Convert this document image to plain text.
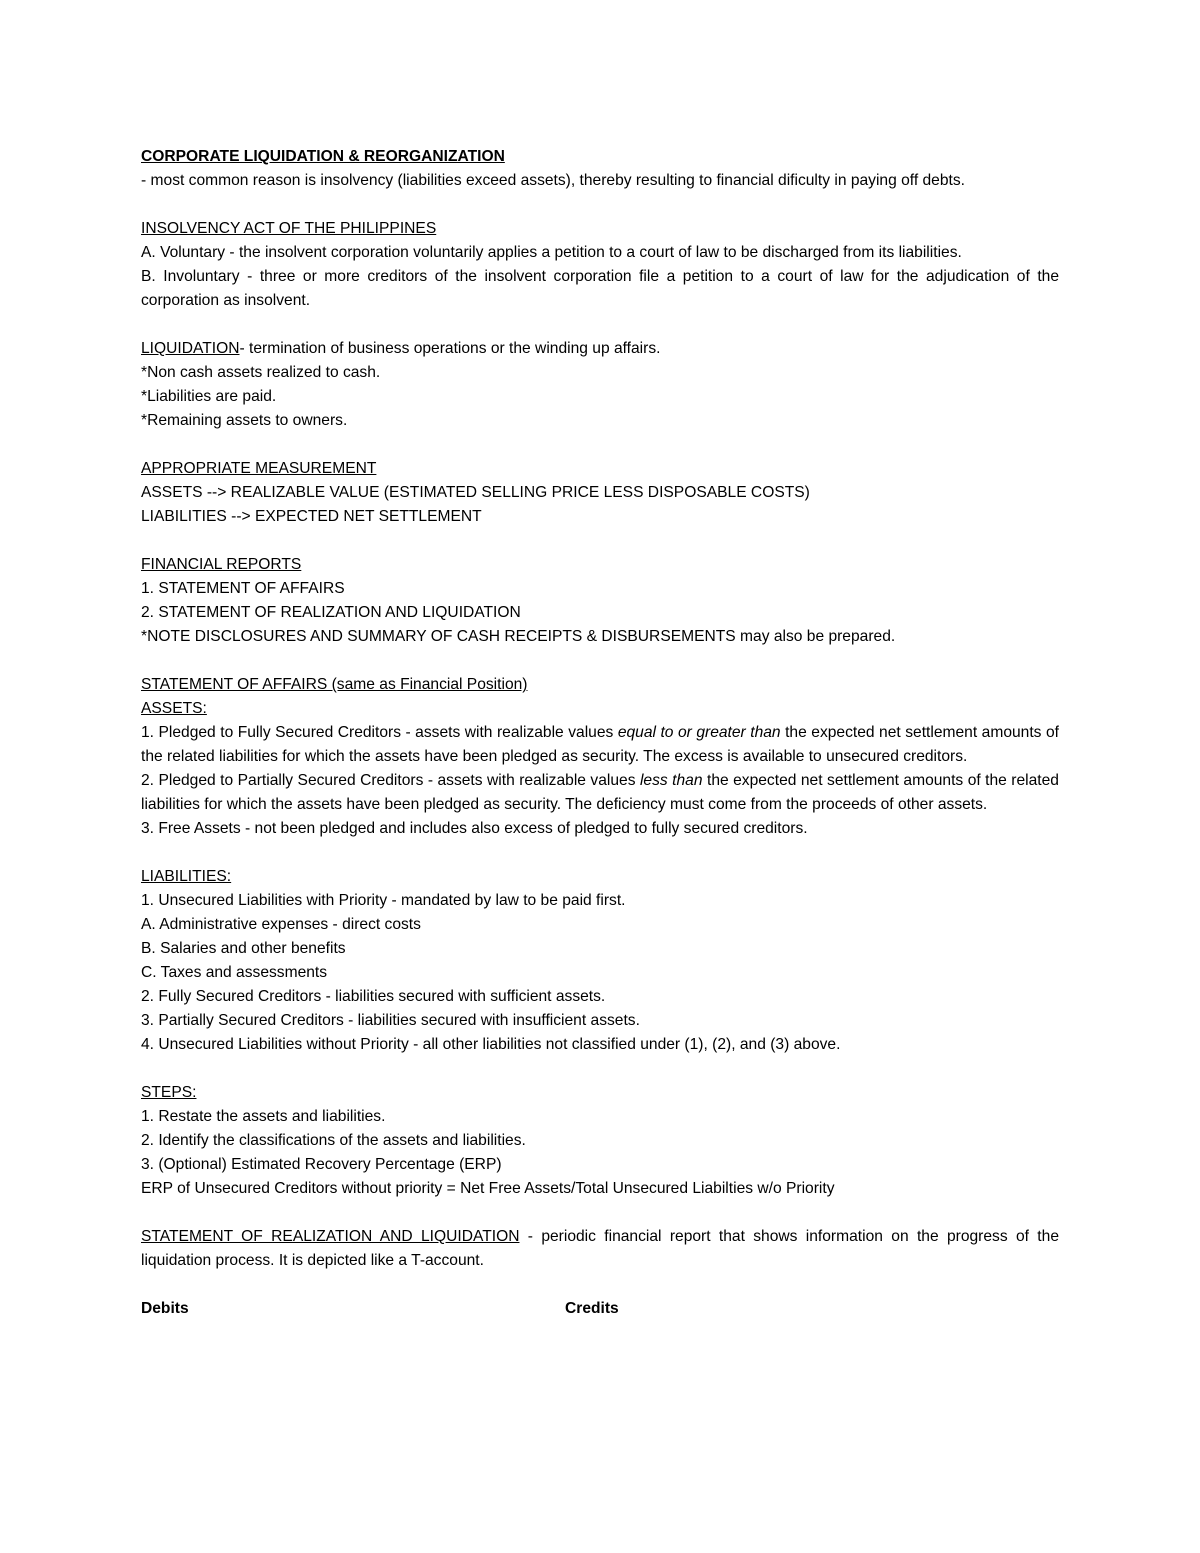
CORPORATE LIQUIDATION & REORGANIZATION

- most common reason is insolvency (liabilities exceed assets), thereby resulting to financial dificulty in paying off debts.

INSOLVENCY ACT OF THE PHILIPPINES

A. Voluntary - the insolvent corporation voluntarily applies a petition to a court of law to be discharged from its liabilities.

B. Involuntary - three or more creditors of the insolvent corporation file a petition to a court of law for the adjudication of the corporation as insolvent.

LIQUIDATION- termination of business operations or the winding up affairs.

*Non cash assets realized to cash.

*Liabilities are paid.

*Remaining assets to owners.

APPROPRIATE MEASUREMENT

ASSETS --> REALIZABLE VALUE (ESTIMATED SELLING PRICE LESS DISPOSABLE COSTS)

LIABILITIES --> EXPECTED NET SETTLEMENT

FINANCIAL REPORTS

1. STATEMENT OF AFFAIRS

2. STATEMENT OF REALIZATION AND LIQUIDATION

*NOTE DISCLOSURES AND SUMMARY OF CASH RECEIPTS & DISBURSEMENTS may also be prepared.

STATEMENT OF AFFAIRS (same as Financial Position)

ASSETS:

1. Pledged to Fully Secured Creditors - assets with realizable values equal to or greater than the expected net settlement amounts of the related liabilities for which the assets have been pledged as security. The excess is available to unsecured creditors.

2. Pledged to Partially Secured Creditors - assets with realizable values less than the expected net settlement amounts of the related liabilities for which the assets have been pledged as security. The deficiency must come from the proceeds of other assets.

3. Free Assets - not been pledged and includes also excess of pledged to fully secured creditors.

LIABILITIES:

1. Unsecured Liabilities with Priority - mandated by law to be paid first.

A. Administrative expenses - direct costs

B. Salaries and other benefits

C. Taxes and assessments

2. Fully Secured Creditors - liabilities secured with sufficient assets.

3. Partially Secured Creditors - liabilities secured with insufficient assets.

4. Unsecured Liabilities without Priority - all other liabilities not classified under (1), (2), and (3) above.

STEPS:

1. Restate the assets and liabilities.

2. Identify the classifications of the assets and liabilities.

3. (Optional) Estimated Recovery Percentage (ERP)

ERP of Unsecured Creditors without priority = Net Free Assets/Total Unsecured Liabilties w/o Priority

STATEMENT OF REALIZATION AND LIQUIDATION - periodic financial report that shows information on the progress of the liquidation process. It is depicted like a T-account.

Debits	Credits
